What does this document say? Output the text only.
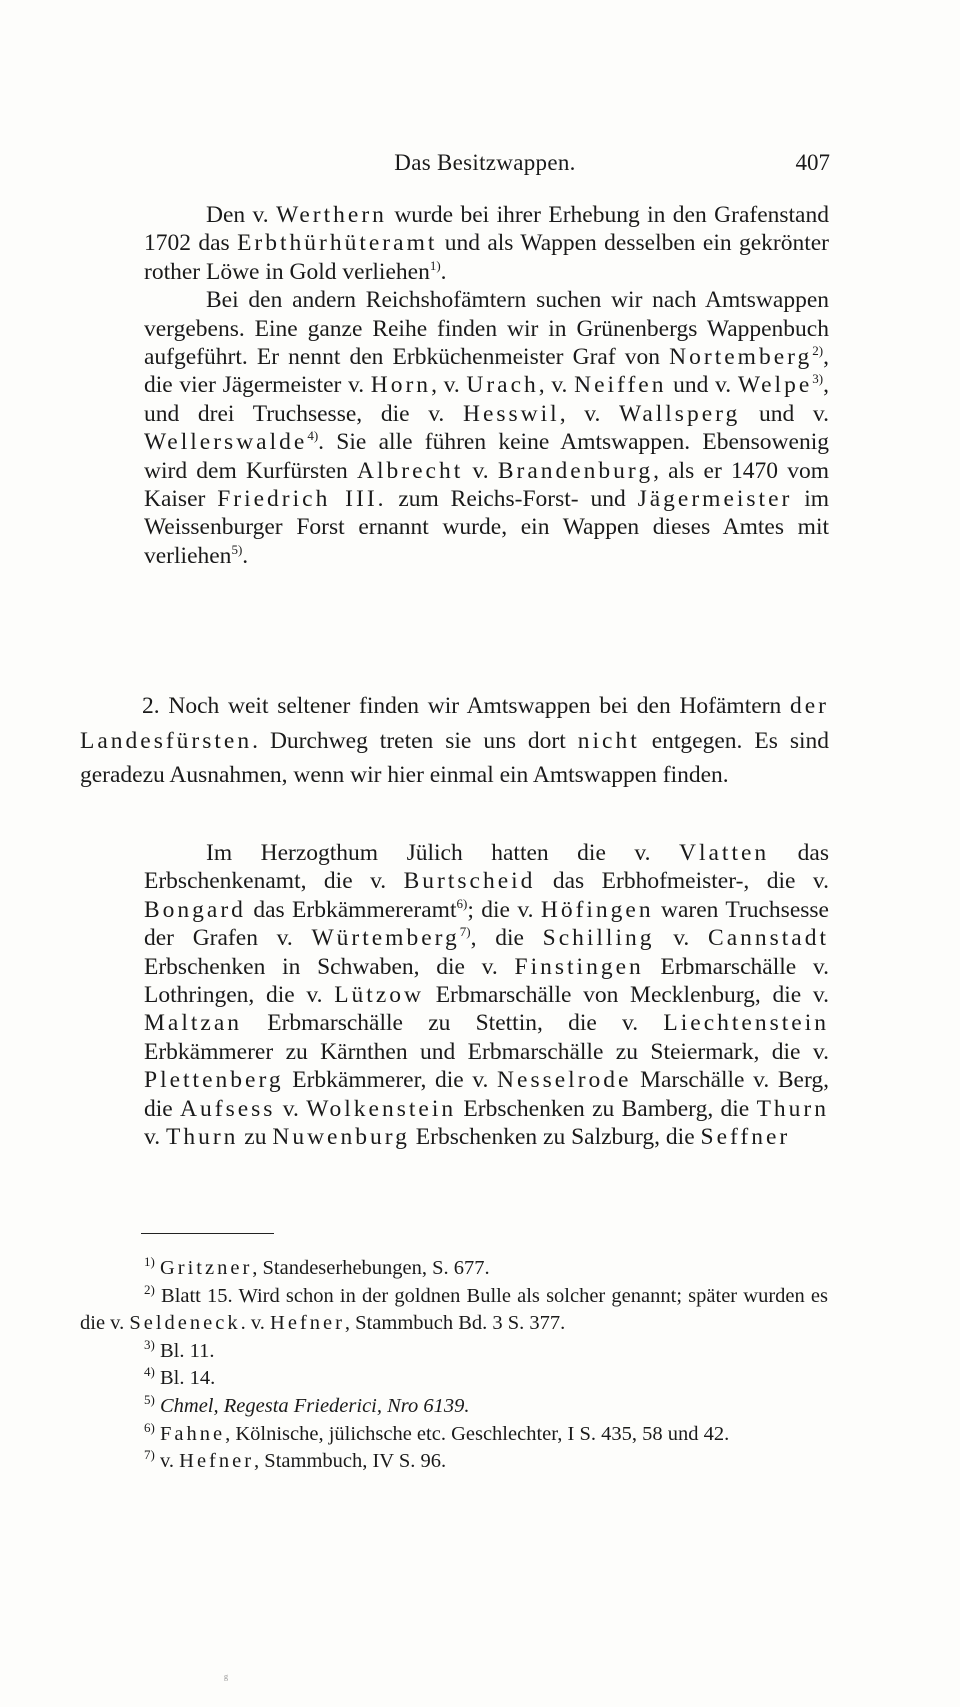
Das Besitzwappen.	407

Den v. Werthern wurde bei ihrer Erhebung in den Grafenstand 1702 das Erbthürhüteramt und als Wappen desselben ein gekrönter rother Löwe in Gold verliehen$^{1)}$.

Bei den andern Reichshofämtern suchen wir nach Amtswappen vergebens. Eine ganze Reihe finden wir in Grünenbergs Wappenbuch aufgeführt. Er nennt den Erbküchenmeister Graf von Nortemberg$^{2)}$, die vier Jägermeister v. Horn, v. Urach, v. Neiffen und v. Welpe$^{3)}$, und drei Truchsesse, die v. Hesswil, v. Wallsperg und v. Wellerswalde$^{4)}$. Sie alle führen keine Amtswappen. Ebensowenig wird dem Kurfürsten Albrecht v. Brandenburg, als er 1470 vom Kaiser Friedrich III. zum Reichs-Forst- und Jägermeister im Weissenburger Forst ernannt wurde, ein Wappen dieses Amtes mit verliehen$^{5)}$.

2. Noch weit seltener finden wir Amtswappen bei den Hofämtern der Landesfürsten. Durchweg treten sie uns dort nicht entgegen. Es sind geradezu Ausnahmen, wenn wir hier einmal ein Amtswappen finden.

Im Herzogthum Jülich hatten die v. Vlatten das Erbschenkenamt, die v. Burtscheid das Erbhofmeister-, die v. Bongard das Erbkämmereramt$^{6)}$; die v. Höfingen waren Truchsesse der Grafen v. Würtemberg$^{7)}$, die Schilling v. Cannstadt Erbschenken in Schwaben, die v. Finstingen Erbmarschälle v. Lothringen, die v. Lützow Erbmarschälle von Mecklenburg, die v. Maltzan Erbmarschälle zu Stettin, die v. Liechtenstein Erbkämmerer zu Kärnthen und Erbmarschälle zu Steiermark, die v. Plettenberg Erbkämmerer, die v. Nesselrode Marschälle v. Berg, die Aufsess v. Wolkenstein Erbschenken zu Bamberg, die Thurn v. Thurn zu Nuwenburg Erbschenken zu Salzburg, die Seffner

$^{1)}$ Gritzner, Standeserhebungen, S. 677.

$^{2)}$ Blatt 15. Wird schon in der goldnen Bulle als solcher genannt; später wurden es die v. Seldeneck. v. Hefner, Stammbuch Bd. 3 S. 377.

$^{3)}$ Bl. 11.

$^{4)}$ Bl. 14.

$^{5)}$ Chmel, Regesta Friederici, Nro 6139.

$^{6)}$ Fahne, Kölnische, jülichsche etc. Geschlechter, I S. 435, 58 und 42.

$^{7)}$ v. Hefner, Stammbuch, IV S. 96.

ᵍ
